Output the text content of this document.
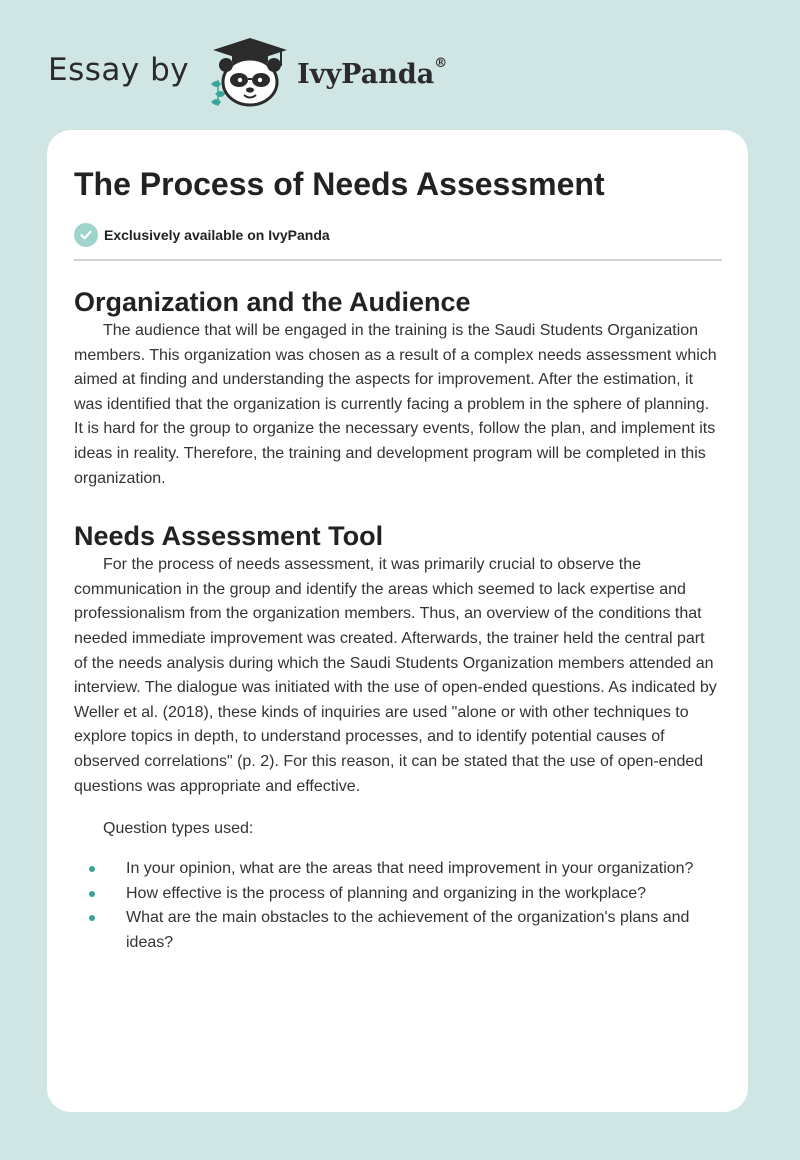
Essay by	IvyPanda®
The Process of Needs Assessment
Exclusively available on IvyPanda
Organization and the Audience

The audience that will be engaged in the training is the Saudi Students Organization members. This organization was chosen as a result of a complex needs assessment which aimed at finding and understanding the aspects for improvement. After the estimation, it was identified that the organization is currently facing a problem in the sphere of planning. It is hard for the group to organize the necessary events, follow the plan, and implement its ideas in reality. Therefore, the training and development program will be completed in this organization.

Needs Assessment Tool

For the process of needs assessment, it was primarily crucial to observe the communication in the group and identify the areas which seemed to lack expertise and professionalism from the organization members. Thus, an overview of the conditions that needed immediate improvement was created. Afterwards, the trainer held the central part of the needs analysis during which the Saudi Students Organization members attended an interview. The dialogue was initiated with the use of open-ended questions. As indicated by Weller et al. (2018), these kinds of inquiries are used "alone or with other techniques to explore topics in depth, to understand processes, and to identify potential causes of observed correlations" (p. 2). For this reason, it can be stated that the use of open-ended questions was appropriate and effective.

Question types used:
In your opinion, what are the areas that need improvement in your organization?
How effective is the process of planning and organizing in the workplace?
What are the main obstacles to the achievement of the organization's plans and ideas?
